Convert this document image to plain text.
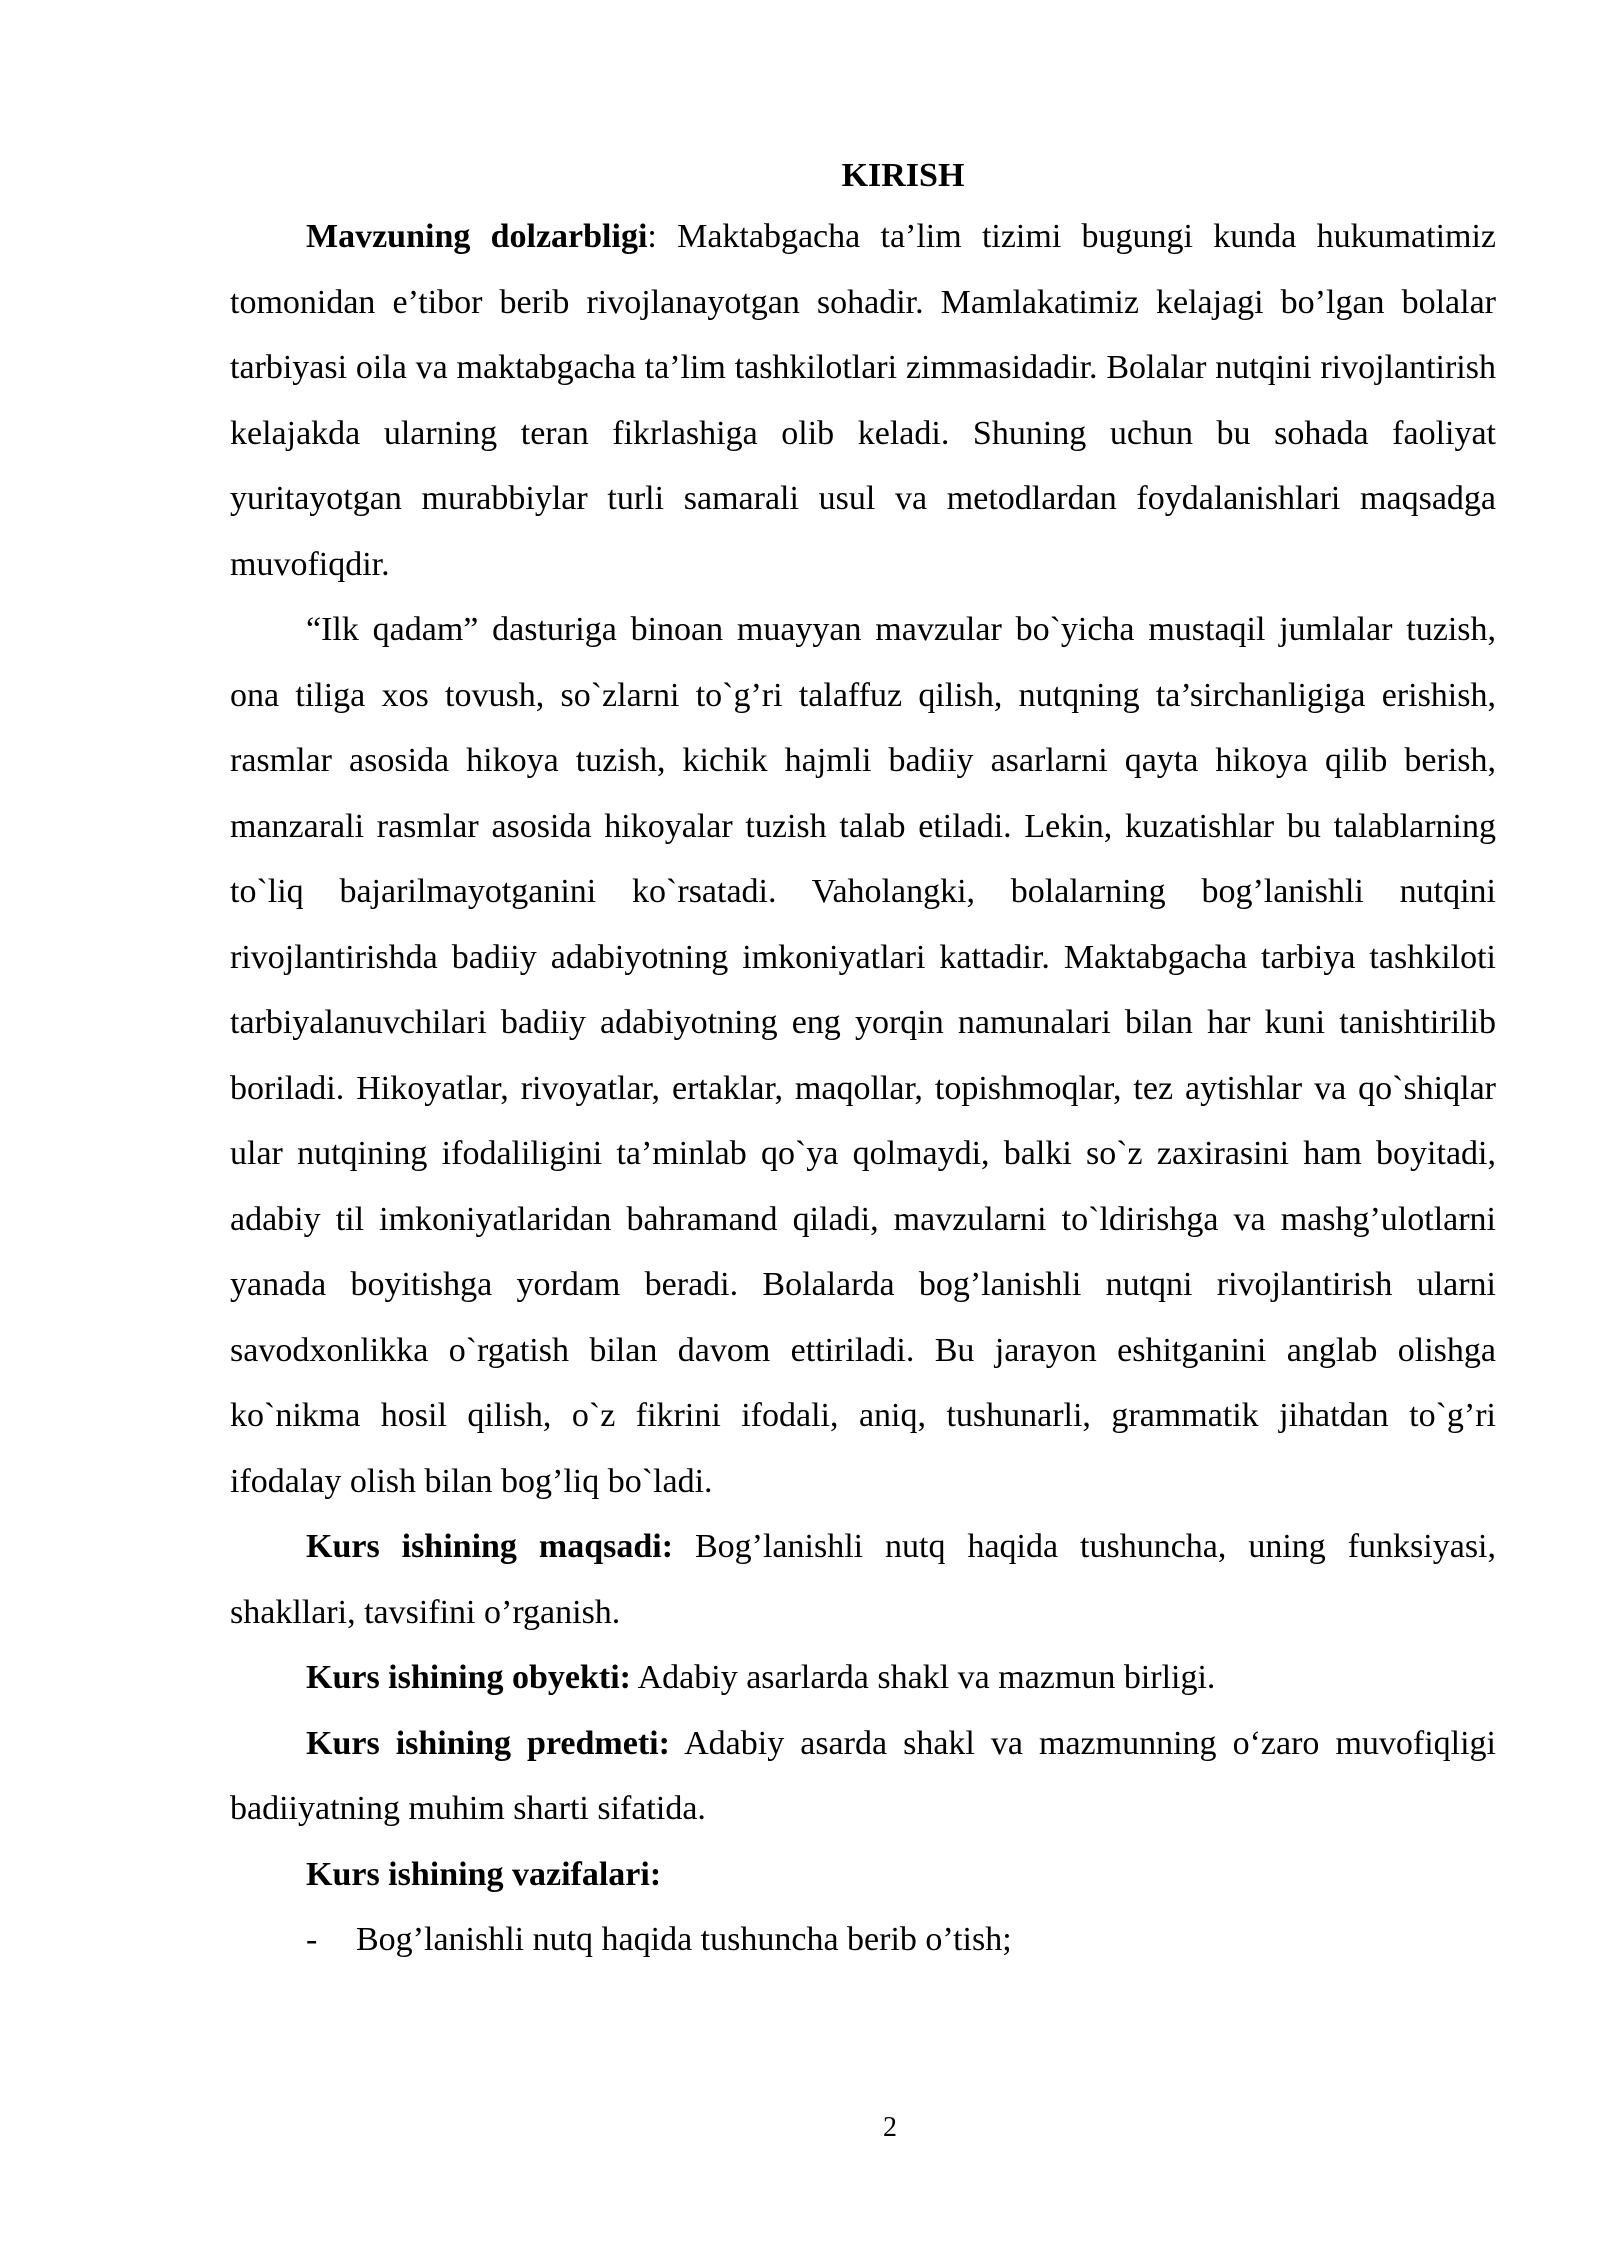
KIRISH

Mavzuning dolzarbligi: Maktabgacha ta’lim tizimi bugungi kunda hukumatimiz tomonidan e’tibor berib rivojlanayotgan sohadir. Mamlakatimiz kelajagi bo’lgan bolalar tarbiyasi oila va maktabgacha ta’lim tashkilotlari zimmasidadir. Bolalar nutqini rivojlantirish kelajakda ularning teran fikrlashiga olib keladi. Shuning uchun bu sohada faoliyat yuritayotgan murabbiylar turli samarali usul va metodlardan foydalanishlari maqsadga muvofiqdir.

“Ilk qadam” dasturiga binoan muayyan mavzular bo`yicha mustaqil jumlalar tuzish, ona tiliga xos tovush, so`zlarni to`g’ri talaffuz qilish, nutqning ta’sirchanligiga erishish, rasmlar asosida hikoya tuzish, kichik hajmli badiiy asarlarni qayta hikoya qilib berish, manzarali rasmlar asosida hikoyalar tuzish talab etiladi. Lekin, kuzatishlar bu talablarning to`liq bajarilmayotganini ko`rsatadi. Vaholangki, bolalarning bog’lanishli nutqini rivojlantirishda badiiy adabiyotning imkoniyatlari kattadir. Maktabgacha tarbiya tashkiloti tarbiyalanuvchilari badiiy adabiyotning eng yorqin namunalari bilan har kuni tanishtirilib boriladi. Hikoyatlar, rivoyatlar, ertaklar, maqollar, topishmoqlar, tez aytishlar va qo`shiqlar ular nutqining ifodaliligini ta’minlab qo`ya qolmaydi, balki so`z zaxirasini ham boyitadi, adabiy til imkoniyatlaridan bahramand qiladi, mavzularni to`ldirishga va mashg’ulotlarni yanada boyitishga yordam beradi. Bolalarda bog’lanishli nutqni rivojlantirish ularni savodxonlikka o`rgatish bilan davom ettiriladi. Bu jarayon eshitganini anglab olishga ko`nikma hosil qilish, o`z fikrini ifodali, aniq, tushunarli, grammatik jihatdan to`g’ri ifodalay olish bilan bog’liq bo`ladi.

Kurs ishining maqsadi: Bog’lanishli nutq haqida tushuncha, uning funksiyasi, shakllari, tavsifini o’rganish.

Kurs ishining obyekti: Adabiy asarlarda shakl va mazmun birligi.

Kurs ishining predmeti: Adabiy asarda shakl va mazmunning o‘zaro muvofiqligi badiiyatning muhim sharti sifatida.

Kurs ishining vazifalari:

- Bog’lanishli nutq haqida tushuncha berib o’tish;
2
